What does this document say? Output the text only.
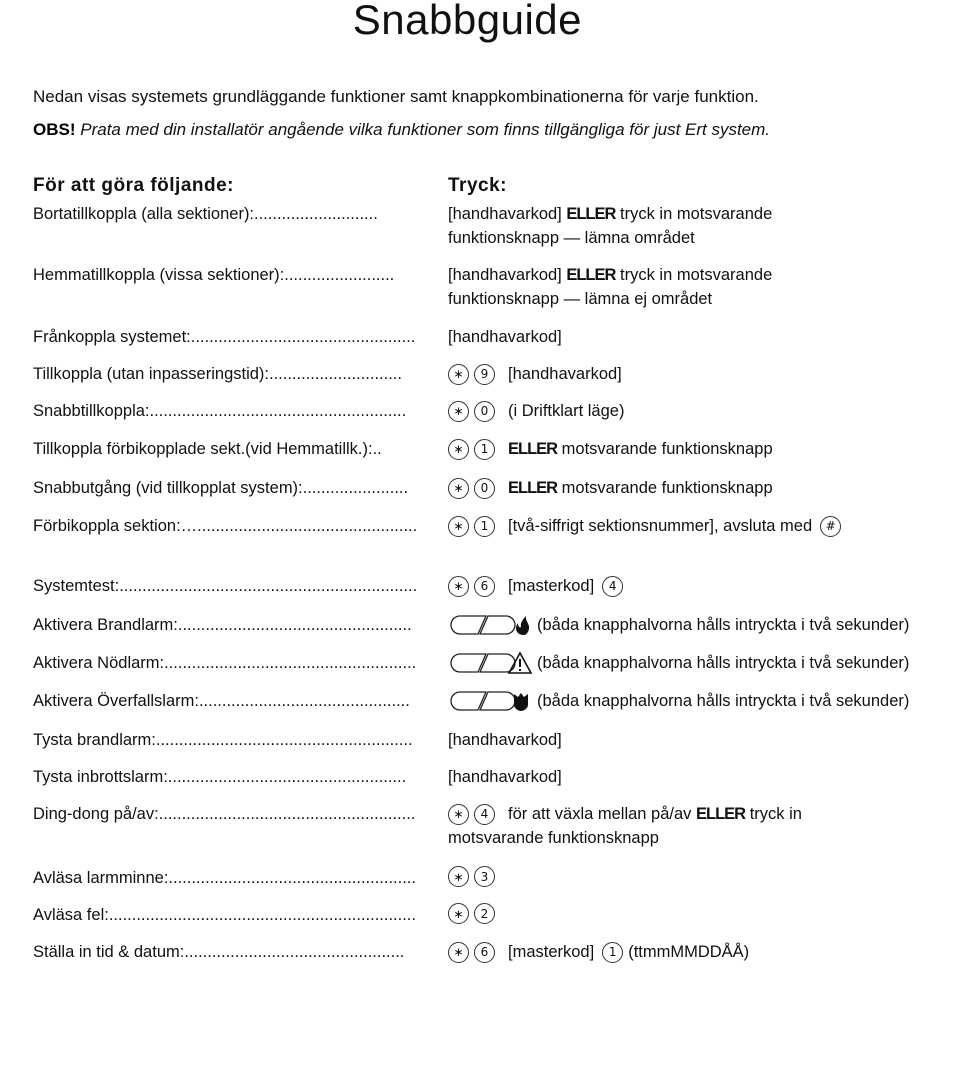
Snabbguide
Nedan visas systemets grundläggande funktioner samt knappkombinationerna för varje funktion.
OBS! Prata med din installatör angående vilka funktioner som finns tillgängliga för just Ert system.
För att göra följande:	Tryck:
Bortatillkoppla (alla sektioner):...........................	[handhavarkod] ELLER tryck in motsvarande
funktionsknapp — lämna området
Hemmatillkoppla (vissa sektioner):........................	[handhavarkod] ELLER tryck in motsvarande
funktionsknapp — lämna ej området
Frånkoppla systemet:.................................................	[handhavarkod]
Tillkoppla (utan inpasseringstid):.............................	∗	9	[handhavarkod]
Snabbtillkoppla:........................................................	∗	0	(i Driftklart läge)
Tillkoppla förbikopplade sekt.(vid Hemmatillk.):..	∗	1	ELLER motsvarande funktionsknapp
Snabbutgång (vid tillkopplat system):.......................	∗	0	ELLER motsvarande funktionsknapp
Förbikoppla sektion:…................................................	∗	1	[två-siffrigt sektionsnummer], avsluta med	#
Systemtest:.................................................................	∗	6	[masterkod]	4
Aktivera Brandlarm:...................................................	(båda knapphalvorna hålls intryckta i två sekunder)
Aktivera Nödlarm:.......................................................	(båda knapphalvorna hålls intryckta i två sekunder)
Aktivera Överfallslarm:..............................................	(båda knapphalvorna hålls intryckta i två sekunder)
Tysta brandlarm:........................................................	[handhavarkod]
Tysta inbrottslarm:....................................................	[handhavarkod]
Ding-dong på/av:........................................................	∗	4	för att växla mellan på/av ELLER tryck in
motsvarande funktionsknapp
Avläsa larmminne:......................................................	∗	3
Avläsa fel:...................................................................	∗	2
Ställa in tid & datum:................................................	∗	6	[masterkod]	1 (ttmmMMDDÅÅ)
